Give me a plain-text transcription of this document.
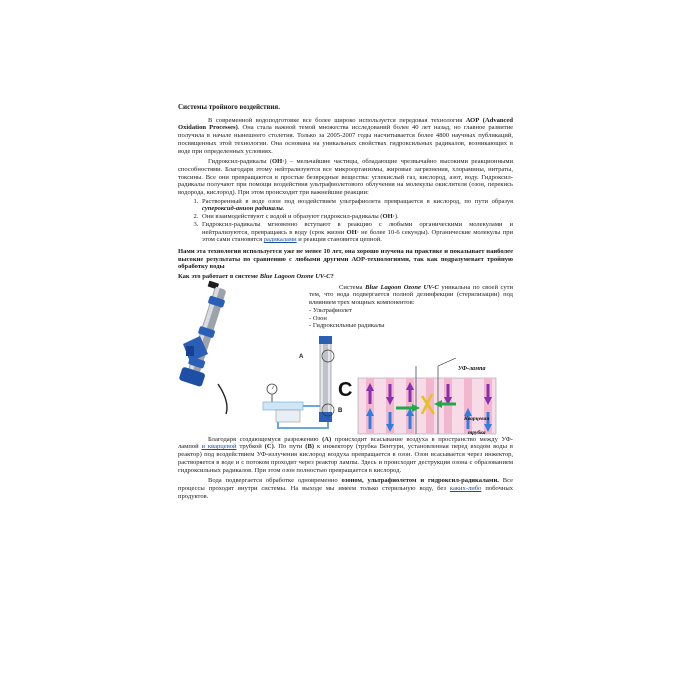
Системы тройного воздействия.

В современной водоподготовке все более широко используется передовая технология АОР (Advanced Oxidation Processes). Она стала важной темой множества исследований более 40 лет назад, но главное развитие получила в начале нынешнего столетия. Только за 2005-2007 годы насчитывается более 4800 научных публикаций, посвященных этой технологии. Она основана на уникальных свойствах гидроксильных радикалов, возникающих в воде при определенных условиях.

Гидроксил-радикалы (ОН·) – мельчайшие частицы, обладающие чрезвычайно высокими реакционными способностями. Благодаря этому нейтрализуются все микроорганизмы, жировые загрязнения, хлорамины, нитраты, токсины. Все они превращаются в простые безвредные вещества: углекислый газ, кислород, азот, воду. Гидроксил-радикалы получают при помощи воздействия ультрафиолетового облучения на молекулы окислителя (озон, перекись водорода, кислород). При этом происходит три важнейшие реакции:

1. Растворенный в воде озон под воздействием ультрафиолета превращается в кислород, по пути образуя супероксид-анион радикалы.
2. Они взаимодействуют с водой и образуют гидроксил-радикалы (ОН·).
3. Гидроксил-радикалы мгновенно вступают в реакцию с любыми органическими молекулами и нейтрализуются, превращаясь в воду (срок жизни ОН· не более 10-6 секунды). Органические молекулы при этом сами становятся радикалами и реакция становится цепной.

Нами эта технология используется уже не менее 10 лет, она хорошо изучена на практике и показывает наиболее высокие результаты по сравнению с любыми другими АОР-технологиями, так как подразумевает тройную обработку воды

Как это работает в системе Blue Lagoon Ozone UV-C?

A
B
С

Система Blue Lagoon Ozone UV-C уникальна по своей сути тем, что вода подвергается полной дезинфекции (стерилизации) под влиянием трех мощных компонентов:

- Ультрафиолет
- Озон
- Гидроксильные радикалы
УФ-лампа
Кварцевая
трубка

Благодаря создающемуся разрежению (А) происходит всасывание воздуха в пространство между УФ-лампой и кварцевой трубкой (С). По пути (В) к инжектору (трубка Вентури, установленная перед входом воды в реактор) под воздействием УФ-излучения кислород воздуха превращается в озон. Озон всасывается через инжектор, растворяется в воде и с потоком проходит через реактор лампы. Здесь и происходит деструкция озона с образованием гидроксильных радикалов. При этом озон полностью превращается в кислород.

Вода подвергается обработке одновременно озоном, ультрафиолетом и гидроксил-радикалами. Все процессы проходят внутри системы. На выходе мы имеем только стерильную воду, без каких-либо побочных продуктов.
